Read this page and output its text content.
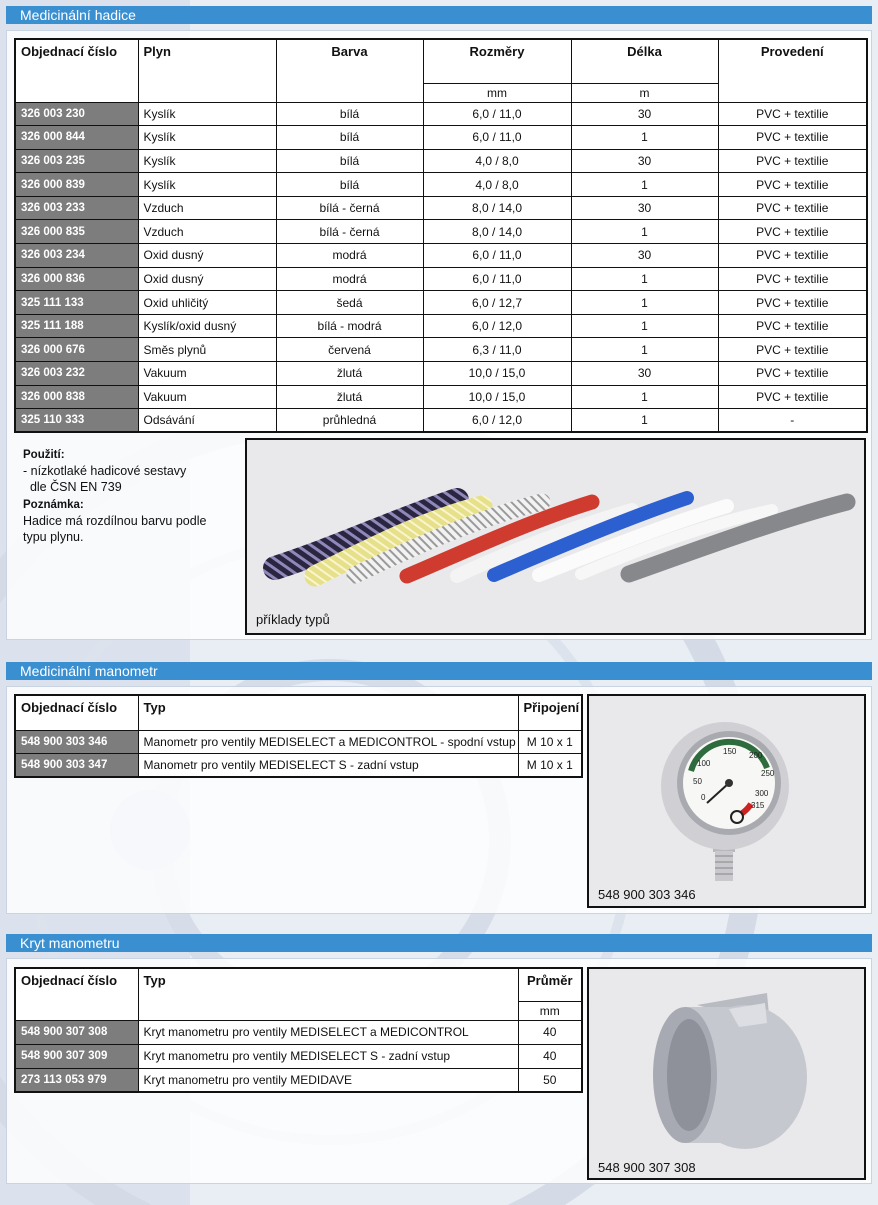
Medicinální hadice
Objednací číslo	Plyn	Barva	Rozměry	Délka	Provedení
			mm	m	
326 003 230	Kyslík	bílá	6,0 / 11,0	30	PVC + textilie
326 000 844	Kyslík	bílá	6,0 / 11,0	1	PVC + textilie
326 003 235	Kyslík	bílá	4,0 / 8,0	30	PVC + textilie
326 000 839	Kyslík	bílá	4,0 / 8,0	1	PVC + textilie
326 003 233	Vzduch	bílá - černá	8,0 / 14,0	30	PVC + textilie
326 000 835	Vzduch	bílá - černá	8,0 / 14,0	1	PVC + textilie
326 003 234	Oxid dusný	modrá	6,0 / 11,0	30	PVC + textilie
326 000 836	Oxid dusný	modrá	6,0 / 11,0	1	PVC + textilie
325 111 133	Oxid uhličitý	šedá	6,0 / 12,7	1	PVC + textilie
325 111 188	Kyslík/oxid dusný	bílá - modrá	6,0 / 12,0	1	PVC + textilie
326 000 676	Směs plynů	červená	6,3 / 11,0	1	PVC + textilie
326 003 232	Vakuum	žlutá	10,0 / 15,0	30	PVC + textilie
326 000 838	Vakuum	žlutá	10,0 / 15,0	1	PVC + textilie
325 110 333	Odsávání	průhledná	6,0 / 12,0	1	-
Použití:
- nízkotlaké hadicové sestavy
dle ČSN EN 739
Poznámka:
Hadice má rozdílnou barvu podle
typu plynu.
příklady typů
Medicinální manometr
Objednací číslo	Typ	Připojení
548 900 303 346	Manometr pro ventily MEDISELECT a MEDICONTROL - spodní vstup	M 10 x 1
548 900 303 347	Manometr pro ventily MEDISELECT S - zadní vstup	M 10 x 1
150
100
200
50
250
0	300
315
548 900 303 346
Kryt manometru
Objednací číslo	Typ	Průměr
		mm
548 900 307 308	Kryt manometru pro ventily MEDISELECT a MEDICONTROL	40
548 900 307 309	Kryt manometru pro ventily MEDISELECT S - zadní vstup	40
273 113 053 979	Kryt manometru pro ventily MEDIDAVE	50
548 900 307 308
